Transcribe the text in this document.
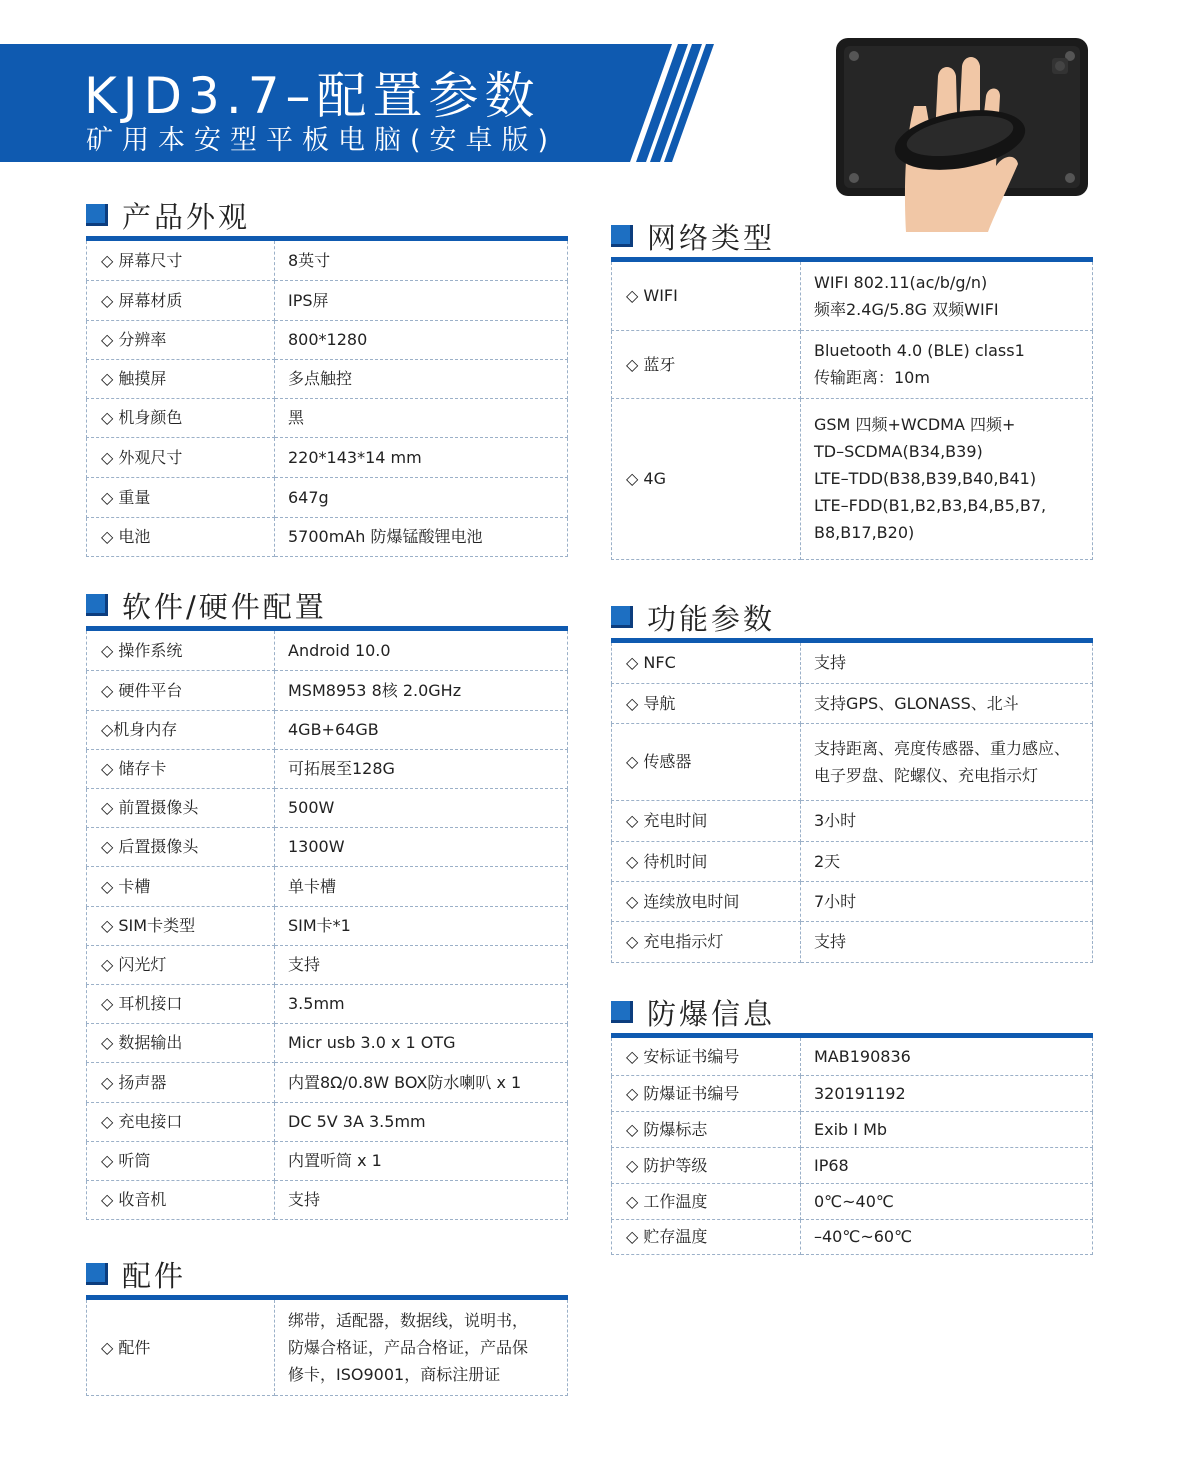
KJD3.7–配置参数
矿用本安型平板电脑(安卓版)
产品外观
◇ 屏幕尺寸	8英寸
◇ 屏幕材质	IPS屏
◇ 分辨率	800*1280
◇ 触摸屏	多点触控
◇ 机身颜色	黑
◇ 外观尺寸	220*143*14 mm
◇ 重量	647g
◇ 电池	5700mAh 防爆锰酸锂电池
软件/硬件配置
◇ 操作系统	Android 10.0
◇ 硬件平台	MSM8953 8核 2.0GHz
◇机身内存	4GB+64GB
◇ 储存卡	可拓展至128G
◇ 前置摄像头	500W
◇ 后置摄像头	1300W
◇ 卡槽	单卡槽
◇ SIM卡类型	SIM卡*1
◇ 闪光灯	支持
◇ 耳机接口	3.5mm
◇ 数据输出	Micr usb 3.0 x 1 OTG
◇ 扬声器	内置8Ω/0.8W BOX防水喇叭 x 1
◇ 充电接口	DC 5V 3A 3.5mm
◇ 听筒	内置听筒 x 1
◇ 收音机	支持
配件
◇ 配件	
绑带，适配器，数据线，说明书，
防爆合格证，产品合格证，产品保
修卡，ISO9001，商标注册证
网络类型
◇ WIFI	WIFI 802.11(ac/b/g/n)
频率2.4G/5.8G 双频WIFI

◇ 蓝牙	Bluetooth 4.0 (BLE) class1
传输距离：10m

◇ 4G	GSM 四频+WCDMA 四频+
TD–SCDMA(B34,B39)
LTE–TDD(B38,B39,B40,B41)
LTE–FDD(B1,B2,B3,B4,B5,B7,
B8,B17,B20)
功能参数
◇ NFC	支持
◇ 导航	支持GPS、GLONASS、北斗
◇ 传感器	支持距离、亮度传感器、重力感应、
电子罗盘、陀螺仪、充电指示灯

◇ 充电时间	3小时
◇ 待机时间	2天
◇ 连续放电时间	7小时
◇ 充电指示灯	支持
防爆信息
◇ 安标证书编号	MAB190836
◇ 防爆证书编号	320191192
◇ 防爆标志	Exib I Mb
◇ 防护等级	IP68
◇ 工作温度	0℃~40℃
◇ 贮存温度	–40℃~60℃
